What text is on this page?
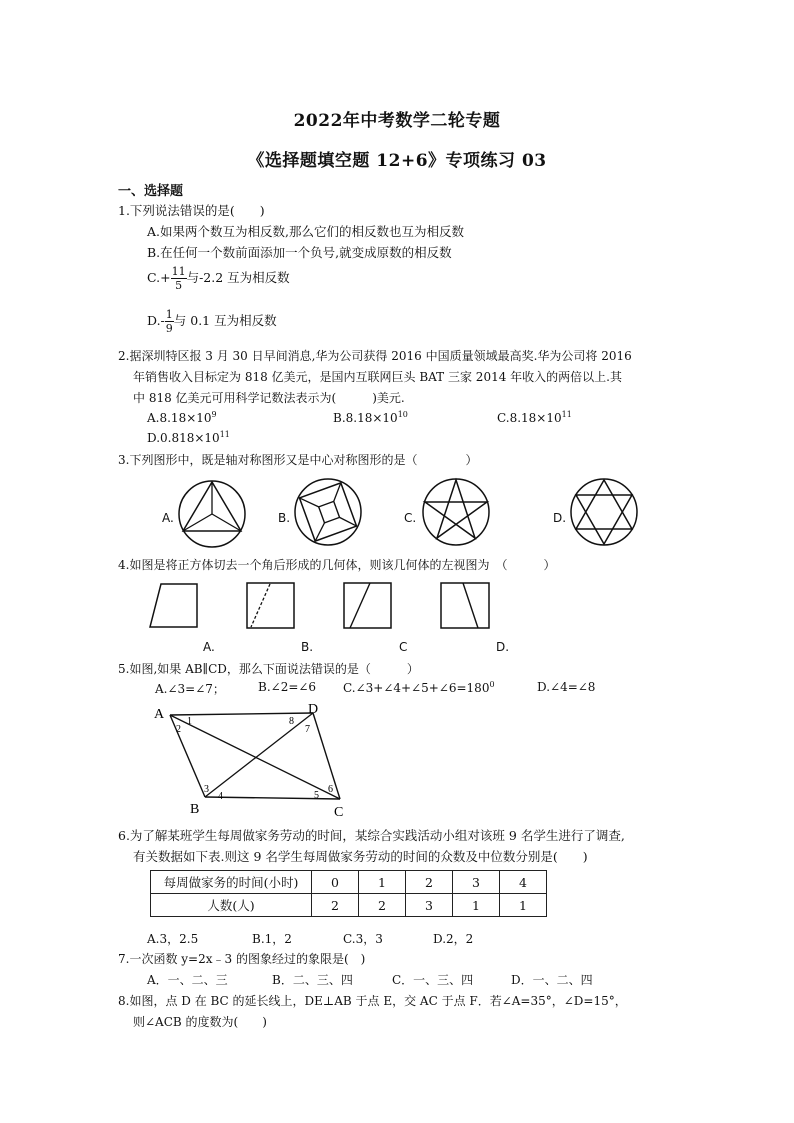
2022年中考数学二轮专题
《选择题填空题 12+6》专项练习 03
一、选择题
1.下列说法错误的是(　　)
A.如果两个数互为相反数,那么它们的相反数也互为相反数
B.在任何一个数前面添加一个负号,就变成原数的相反数
$C.+ \frac{11}{5}$ 与-2.2 互为相反数
$D.- \frac{1}{9}$ 与 0.1 互为相反数
2.据深圳特区报 3 月 30 日早间消息,华为公司获得 2016 中国质量领域最高奖.华为公司将 2016
年销售收入目标定为 818 亿美元，是国内互联网巨头 BAT 三家 2014 年收入的两倍以上.其
中 818 亿美元可用科学记数法表示为(　　　)美元.
$A.8.18\times 10^9$	$B.8.18\times 10^{10}$	$C.8.18\times 10^{11}$
$D.0.818\times 10^{11}$
3.下列图形中，既是轴对称图形又是中心对称图形的是（　　　　）
A.	B.	C.	D.
4.如图是将正方体切去一个角后形成的几何体，则该几何体的左视图为　（　　　）
A.	B.	C	D.
5.如图,如果 AB∥CD，那么下面说法错误的是（　　　）
A.∠3=∠7；	B.∠2=∠6 $C.\angle 3+\angle 4+\angle 5+\angle 6=180^0$	D.∠4=∠8
A	D
B	C
1
2
8
7
3
4	5
6
6.为了解某班学生每周做家务劳动的时间，某综合实践活动小组对该班 9 名学生进行了调查,
有关数据如下表.则这 9 名学生每周做家务劳动的时间的众数及中位数分别是(　　)
每周做家务的时间(小时)	0	1	2	3	4
人数(人)	2	2	3	1	1
A.3，2.5	B.1，2	C.3，3	D.2，2
7.一次函数 y=2x﹣3 的图象经过的象限是(　)
A．一、二、三	B．二、三、四	C．一、三、四	D．一、二、四
8.如图，点 D 在 BC 的延长线上，DE⊥AB 于点 E，交 AC 于点 F．若∠A=35°，∠D=15°，
则∠ACB 的度数为(　　)
